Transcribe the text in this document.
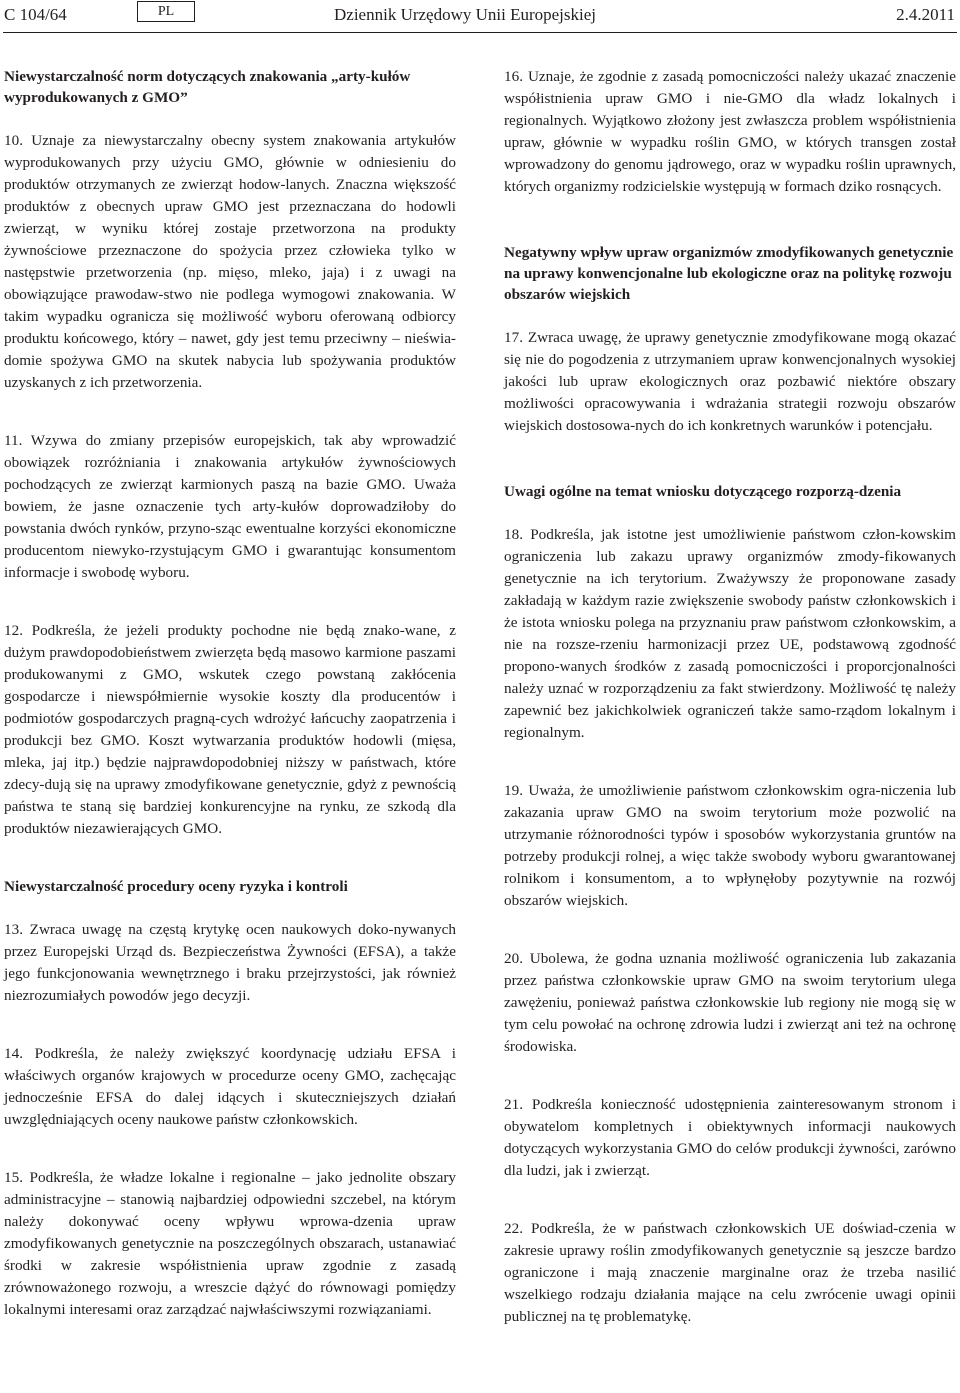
C 104/64	PL	Dziennik Urzędowy Unii Europejskiej	2.4.2011

Niewystarczalność norm dotyczących znakowania „arty-kułów wyprodukowanych z GMO”

10. Uznaje za niewystarczalny obecny system znakowania artykułów wyprodukowanych przy użyciu GMO, głównie w odniesieniu do produktów otrzymanych ze zwierząt hodow-lanych. Znaczna większość produktów z obecnych upraw GMO jest przeznaczana do hodowli zwierząt, w wyniku której zostaje przetworzona na produkty żywnościowe przeznaczone do spożycia przez człowieka tylko w następstwie przetworzenia (np. mięso, mleko, jaja) i z uwagi na obowiązujące prawodaw-stwo nie podlega wymogowi znakowania. W takim wypadku ogranicza się możliwość wyboru oferowaną odbiorcy produktu końcowego, który – nawet, gdy jest temu przeciwny – nieświa-domie spożywa GMO na skutek nabycia lub spożywania produktów uzyskanych z ich przetworzenia.

11. Wzywa do zmiany przepisów europejskich, tak aby wprowadzić obowiązek rozróżniania i znakowania artykułów żywnościowych pochodzących ze zwierząt karmionych paszą na bazie GMO. Uważa bowiem, że jasne oznaczenie tych arty-kułów doprowadziłoby do powstania dwóch rynków, przyno-sząc ewentualne korzyści ekonomiczne producentom niewyko-rzystującym GMO i gwarantując konsumentom informacje i swobodę wyboru.

12. Podkreśla, że jeżeli produkty pochodne nie będą znako-wane, z dużym prawdopodobieństwem zwierzęta będą masowo karmione paszami produkowanymi z GMO, wskutek czego powstaną zakłócenia gospodarcze i niewspółmiernie wysokie koszty dla producentów i podmiotów gospodarczych pragną-cych wdrożyć łańcuchy zaopatrzenia i produkcji bez GMO. Koszt wytwarzania produktów hodowli (mięsa, mleka, jaj itp.) będzie najprawdopodobniej niższy w państwach, które zdecy-dują się na uprawy zmodyfikowane genetycznie, gdyż z pewnością państwa te staną się bardziej konkurencyjne na rynku, ze szkodą dla produktów niezawierających GMO.

Niewystarczalność procedury oceny ryzyka i kontroli

13. Zwraca uwagę na częstą krytykę ocen naukowych doko-nywanych przez Europejski Urząd ds. Bezpieczeństwa Żywności (EFSA), a także jego funkcjonowania wewnętrznego i braku przejrzystości, jak również niezrozumiałych powodów jego decyzji.

14. Podkreśla, że należy zwiększyć koordynację udziału EFSA i właściwych organów krajowych w procedurze oceny GMO, zachęcając jednocześnie EFSA do dalej idących i skuteczniejszych działań uwzględniających oceny naukowe państw członkowskich.

15. Podkreśla, że władze lokalne i regionalne – jako jednolite obszary administracyjne – stanowią najbardziej odpowiedni szczebel, na którym należy dokonywać oceny wpływu wprowa-dzenia upraw zmodyfikowanych genetycznie na poszczególnych obszarach, ustanawiać środki w zakresie współistnienia upraw zgodnie z zasadą zrównoważonego rozwoju, a wreszcie dążyć do równowagi pomiędzy lokalnymi interesami oraz zarządzać najwłaściwszymi rozwiązaniami.

16. Uznaje, że zgodnie z zasadą pomocniczości należy ukazać znaczenie współistnienia upraw GMO i nie-GMO dla władz lokalnych i regionalnych. Wyjątkowo złożony jest zwłaszcza problem współistnienia upraw, głównie w wypadku roślin GMO, w których transgen został wprowadzony do genomu jądrowego, oraz w wypadku roślin uprawnych, których organizmy rodzicielskie występują w formach dziko rosnących.

Negatywny wpływ upraw organizmów zmodyfikowanych genetycznie na uprawy konwencjonalne lub ekologiczne oraz na politykę rozwoju obszarów wiejskich

17. Zwraca uwagę, że uprawy genetycznie zmodyfikowane mogą okazać się nie do pogodzenia z utrzymaniem upraw konwencjonalnych wysokiej jakości lub upraw ekologicznych oraz pozbawić niektóre obszary możliwości opracowywania i wdrażania strategii rozwoju obszarów wiejskich dostosowa-nych do ich konkretnych warunków i potencjału.

Uwagi ogólne na temat wniosku dotyczącego rozporzą-dzenia

18. Podkreśla, jak istotne jest umożliwienie państwom człon-kowskim ograniczenia lub zakazu uprawy organizmów zmody-fikowanych genetycznie na ich terytorium. Zważywszy że proponowane zasady zakładają w każdym razie zwiększenie swobody państw członkowskich i że istota wniosku polega na przyznaniu praw państwom członkowskim, a nie na rozsze-rzeniu harmonizacji przez UE, podstawową zgodność propono-wanych środków z zasadą pomocniczości i proporcjonalności należy uznać w rozporządzeniu za fakt stwierdzony. Możliwość tę należy zapewnić bez jakichkolwiek ograniczeń także samo-rządom lokalnym i regionalnym.

19. Uważa, że umożliwienie państwom członkowskim ogra-niczenia lub zakazania upraw GMO na swoim terytorium może pozwolić na utrzymanie różnorodności typów i sposobów wykorzystania gruntów na potrzeby produkcji rolnej, a więc także swobody wyboru gwarantowanej rolnikom i konsumentom, a to wpłynęłoby pozytywnie na rozwój obszarów wiejskich.

20. Ubolewa, że godna uznania możliwość ograniczenia lub zakazania przez państwa członkowskie upraw GMO na swoim terytorium ulega zawężeniu, ponieważ państwa członkowskie lub regiony nie mogą się w tym celu powołać na ochronę zdrowia ludzi i zwierząt ani też na ochronę środowiska.

21. Podkreśla konieczność udostępnienia zainteresowanym stronom i obywatelom kompletnych i obiektywnych informacji naukowych dotyczących wykorzystania GMO do celów produkcji żywności, zarówno dla ludzi, jak i zwierząt.

22. Podkreśla, że w państwach członkowskich UE doświad-czenia w zakresie uprawy roślin zmodyfikowanych genetycznie są jeszcze bardzo ograniczone i mają znaczenie marginalne oraz że trzeba nasilić wszelkiego rodzaju działania mające na celu zwrócenie uwagi opinii publicznej na tę problematykę.
